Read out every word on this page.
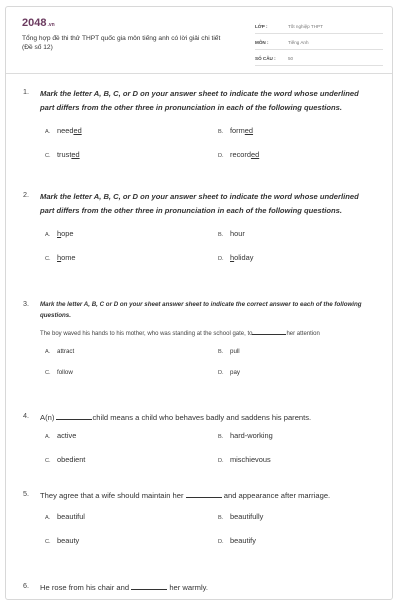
2048.vn
Tổng hợp đề thi thử THPT quốc gia môn tiếng anh có lời giải chi tiết (Đề số 12)
LỚP :	Tốt nghiệp THPT
MÔN :	Tiếng Anh
SỐ CÂU :	50
1. Mark the letter A, B, C, or D on your answer sheet to indicate the word whose underlined part differs from the other three in pronunciation in each of the following questions.
A. needed	B. formed
C. trusted	D. recorded
2. Mark the letter A, B, C, or D on your answer sheet to indicate the word whose underlined part differs from the other three in pronunciation in each of the following questions.
A. hope	B. hour
C. home	D. holiday
3. Mark the letter A, B, C or D on your sheet answer sheet to indicate the correct answer to each of the following questions.
The boy waved his hands to his mother, who was standing at the school gate, to	her attention
A.	attract	B.	pull
C.	follow	D.	pay
4. A(n)	child means a child who behaves badly and saddens his parents.
A. active	B. hard-working
C. obedient	D. mischievous
5. They agree that a wife should maintain her	and appearance after marriage.
A. beautiful	B. beautifully
C. beauty	D. beautify
6. He rose from his chair and	her warmly.
